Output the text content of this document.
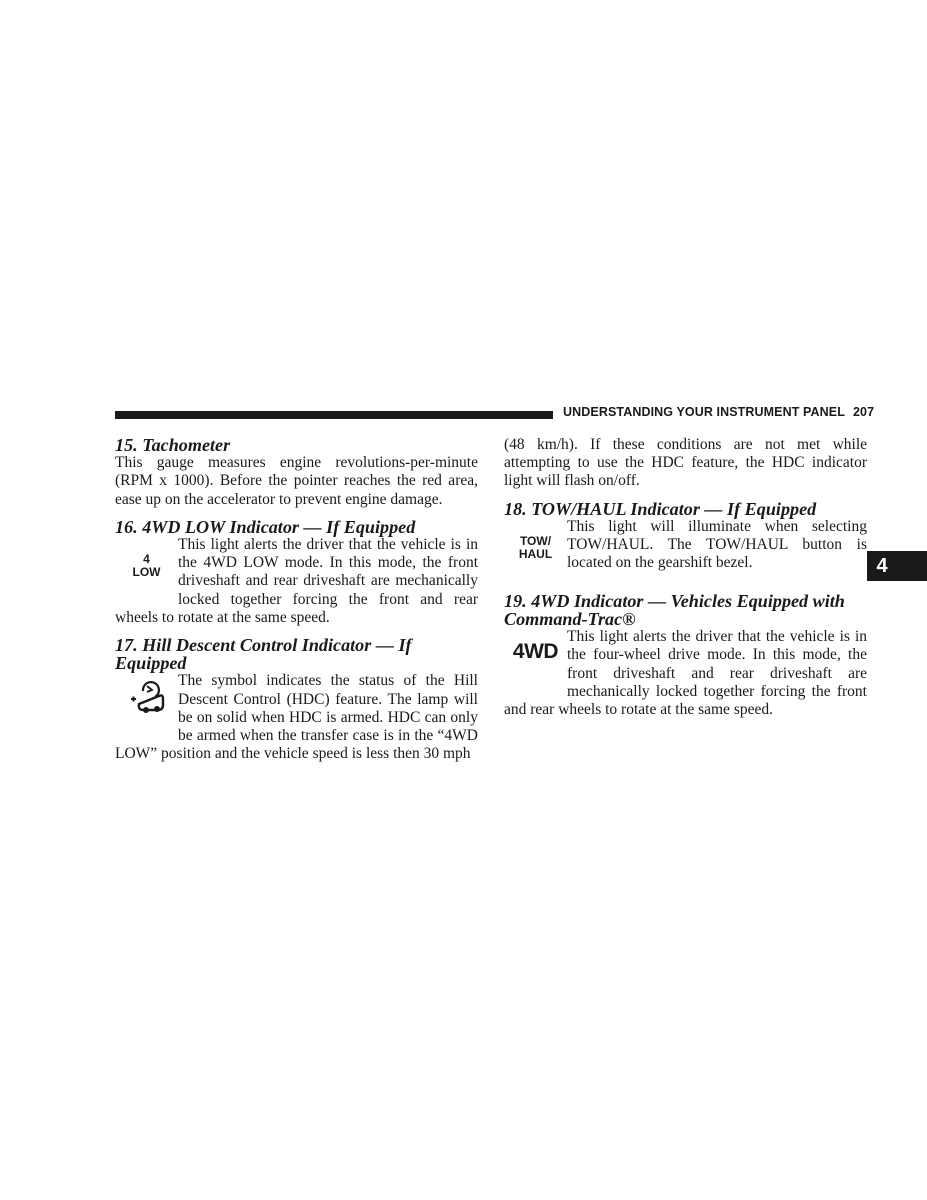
UNDERSTANDING YOUR INSTRUMENT PANEL 207
4
15. Tachometer

This gauge measures engine revolutions-per-minute (RPM x 1000). Before the pointer reaches the red area, ease up on the accelerator to prevent engine damage.

16. 4WD LOW Indicator — If Equipped
4
LOW

This light alerts the driver that the vehicle is in the 4WD LOW mode. In this mode, the front driveshaft and rear driveshaft are mechanically locked together forcing the front and rear wheels to rotate at the same speed.

17. Hill Descent Control Indicator — If Equipped

The symbol indicates the status of the Hill Descent Control (HDC) feature. The lamp will be on solid when HDC is armed. HDC can only be armed when the transfer case is in the “4WD LOW” position and the vehicle speed is less then 30 mph

(48 km/h). If these conditions are not met while attempting to use the HDC feature, the HDC indicator light will flash on/off.

18. TOW/HAUL Indicator — If Equipped
TOW/
HAUL

This light will illuminate when selecting TOW/HAUL. The TOW/HAUL button is located on the gearshift bezel.

19. 4WD Indicator — Vehicles Equipped with Command-Trac®
4WD

This light alerts the driver that the vehicle is in the four-wheel drive mode. In this mode, the front driveshaft and rear driveshaft are mechanically locked together forcing the front and rear wheels to rotate at the same speed.
